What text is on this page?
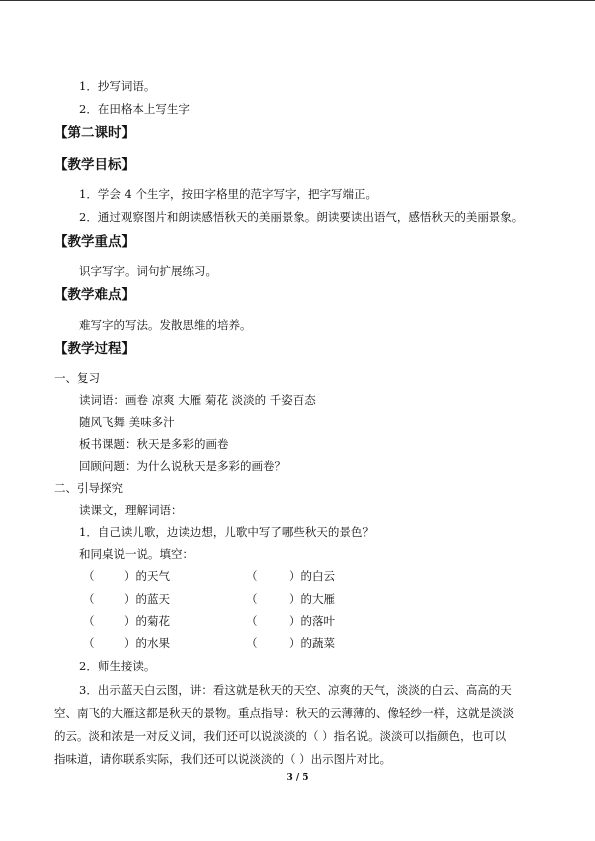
1．抄写词语。
2．在田格本上写生字
【第二课时】
【教学目标】
1．学会 4 个生字，按田字格里的范字写字，把字写端正。
2．通过观察图片和朗读感悟秋天的美丽景象。朗读要读出语气，感悟秋天的美丽景象。
【教学重点】
识字写字。词句扩展练习。
【教学难点】
难写字的写法。发散思维的培养。
【教学过程】
一、复习
读词语：画卷 凉爽 大雁 菊花 淡淡的 千姿百态
随风飞舞 美味多汁
板书课题：秋天是多彩的画卷
回顾问题：为什么说秋天是多彩的画卷？
二、引导探究
读课文，理解词语：
1．自己读儿歌，边读边想，儿歌中写了哪些秋天的景色？
和同桌说一说。填空：
（	）的天气	（	）的白云
（	）的蓝天	（	）的大雁
（	）的菊花	（	）的落叶
（	）的水果	（	）的蔬菜
2．师生接读。
3．出示蓝天白云图，讲：看这就是秋天的天空、凉爽的天气，淡淡的白云、高高的天
空、南飞的大雁这都是秋天的景物。重点指导：秋天的云薄薄的、像轻纱一样，这就是淡淡
的云。淡和浓是一对反义词，我们还可以说淡淡的（ ）指名说。淡淡可以指颜色，也可以
指味道，请你联系实际，我们还可以说淡淡的（ ）出示图片对比。
3 / 5
